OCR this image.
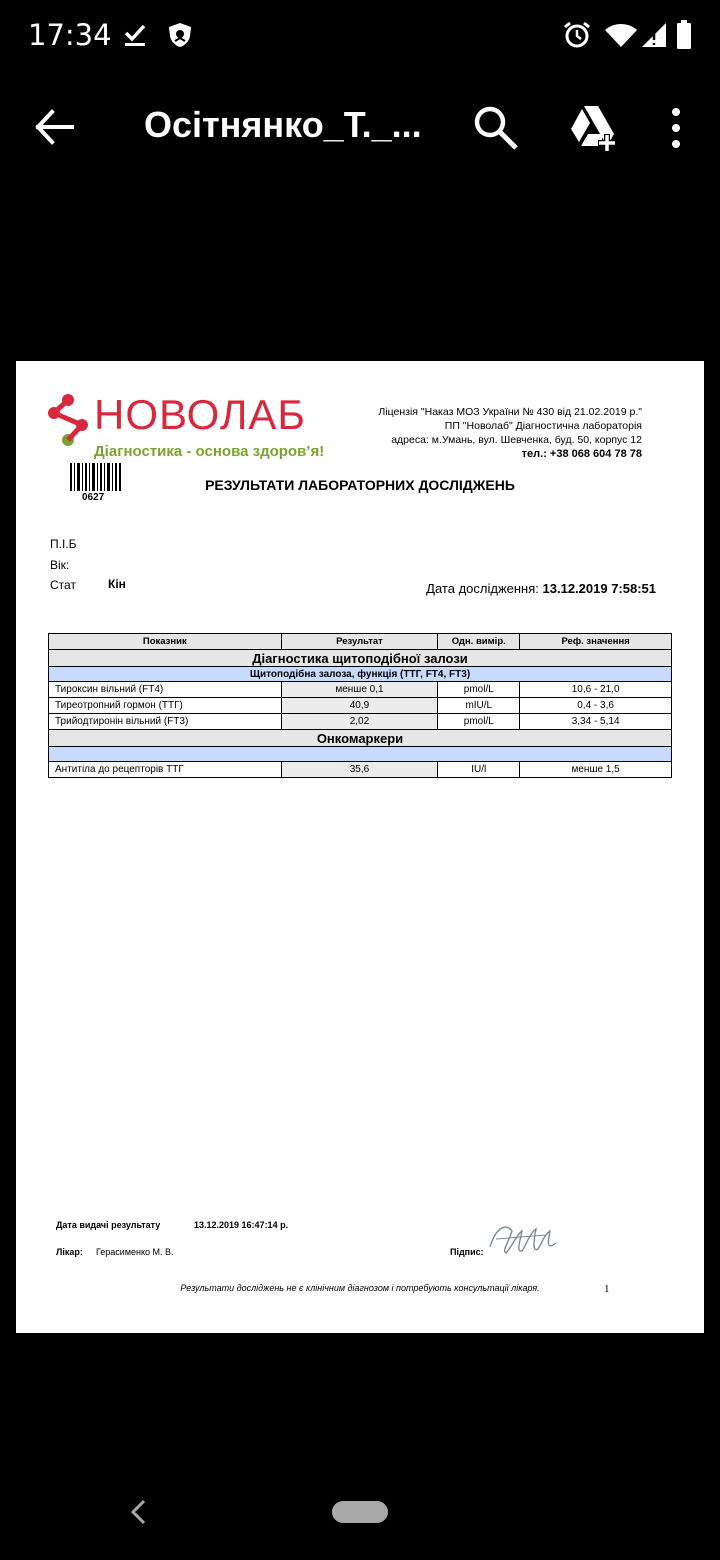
17:34
Осітнянко_Т._...
НОВОЛАБ
Діагностика - основа здоров’я!
Ліцензія "Наказ МОЗ України № 430 від 21.02.2019 р."
ПП "Новолаб" Діагностична лабораторія
адреса: м.Умань, вул. Шевченка, буд. 50, корпус 12
тел.: +38 068 604 78 78
0627
РЕЗУЛЬТАТИ ЛАБОРАТОРНИХ ДОСЛІДЖЕНЬ
П.І.Б
Вік:
Стат	Кін	Дата дослідження: 13.12.2019 7:58:51
Показник	Результат	Одн. вимір.	Реф. значення
Діагностика щитоподібної залози			
Щитоподібна залоза, функція (ТТГ, FT4, FT3)			
Тироксин вільний (FT4)	менше 0,1	pmol/L	10,6 - 21,0
Тиреотропний гормон (ТТГ)	40,9	mIU/L	0,4 - 3,6
Трийодтиронін вільний (FT3)	2,02	pmol/L	3,34 - 5,14
Онкомаркери			

Антитіла до рецепторів ТТГ	35,6	IU/l	менше 1,5
Дата видачі результату	13.12.2019 16:47:14 р.
Лікар: Герасименко М. В.	Підпис:
Результати досліджень не є клінічним діагнозом і потребують консультації лікаря.	1
